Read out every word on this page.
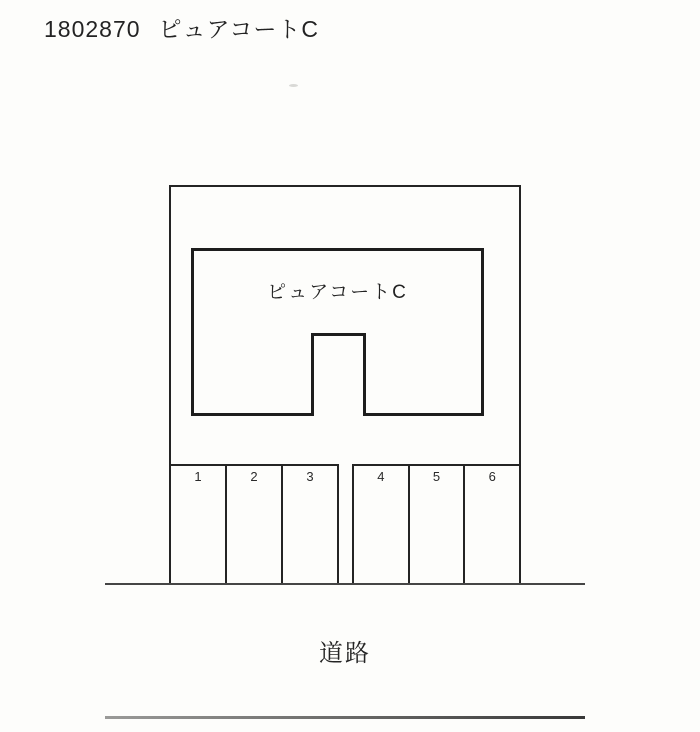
1802870 ピュアコートC
ピュアコートC
1	2	3	4	5	6
道路
